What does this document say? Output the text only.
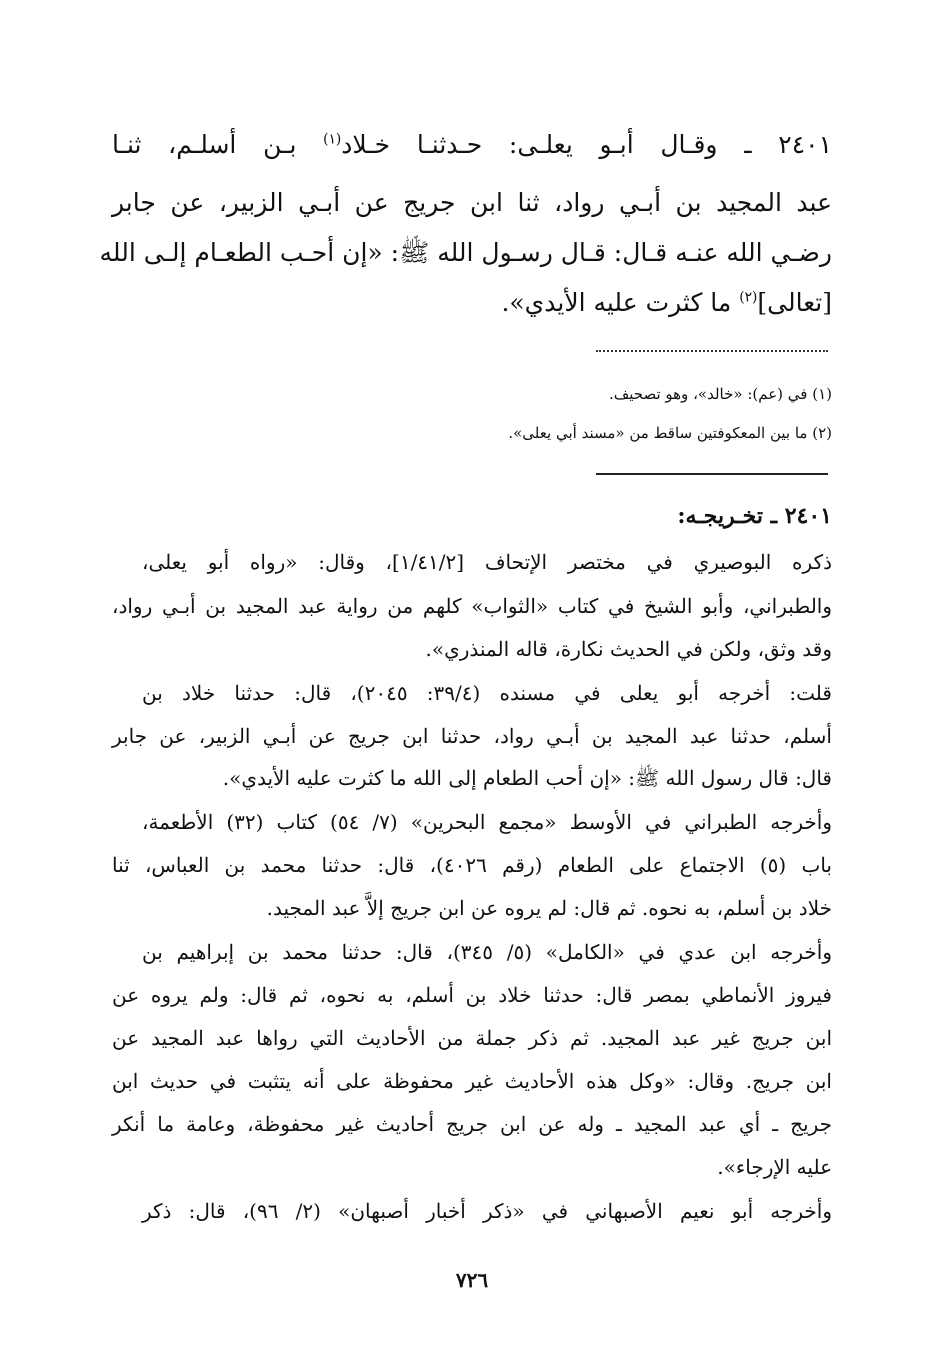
٢٤٠١ ـ وقـال أبـو يعلـى: حـدثنـا خـلاد$^{(١)}$ بـن أسلـم، ثنـا
عبد المجيد بن أبـي رواد، ثنا ابن جريج عن أبـي الزبير، عن جابر
رضـي الله عنـه قـال: قـال رسـول الله ﷺ: «إن أحـب الطعـام إلـى الله
[تعالى]$^{(٢)}$ ما كثرت عليه الأيدي».
(١) في (عم): «خالد»، وهو تصحيف.
(٢) ما بين المعكوفتين ساقط من «مسند أبي يعلى».
٢٤٠١ ـ تخـريجـه:
ذكره البوصيري في مختصر الإتحاف [١/٤١/٢]، وقال: «رواه أبو يعلى،
والطبراني، وأبو الشيخ في كتاب «الثواب» كلهم من رواية عبد المجيد بن أبـي رواد،
وقد وثق، ولكن في الحديث نكارة، قاله المنذري».
قلت: أخرجه أبو يعلى في مسنده (٣٩/٤: ٢٠٤٥)، قال: حدثنا خلاد بن
أسلم، حدثنا عبد المجيد بن أبـي رواد، حدثنا ابن جريج عن أبـي الزبير، عن جابر
قال: قال رسول الله ﷺ: «إن أحب الطعام إلى الله ما كثرت عليه الأيدي».
وأخرجه الطبراني في الأوسط «مجمع البحرين» (٧/ ٥٤) كتاب (٣٢) الأطعمة،
باب (٥) الاجتماع على الطعام (رقم ٤٠٢٦)، قال: حدثنا محمد بن العباس، ثنا
خلاد بن أسلم، به نحوه. ثم قال: لم يروه عن ابن جريج إلاَّ عبد المجيد.
وأخرجه ابن عدي في «الكامل» (٥/ ٣٤٥)، قال: حدثنا محمد بن إبراهيم بن
فيروز الأنماطي بمصر قال: حدثنا خلاد بن أسلم، به نحوه، ثم قال: ولم يروه عن
ابن جريج غير عبد المجيد. ثم ذكر جملة من الأحاديث التي رواها عبد المجيد عن
ابن جريج. وقال: «وكل هذه الأحاديث غير محفوظة على أنه يتثبت في حديث ابن
جريج ـ أي عبد المجيد ـ وله عن ابن جريج أحاديث غير محفوظة، وعامة ما أنكر
عليه الإرجاء».
وأخرجه أبو نعيم الأصبهاني في «ذكر أخبار أصبهان» (٢/ ٩٦)، قال: ذكر
٧٢٦
